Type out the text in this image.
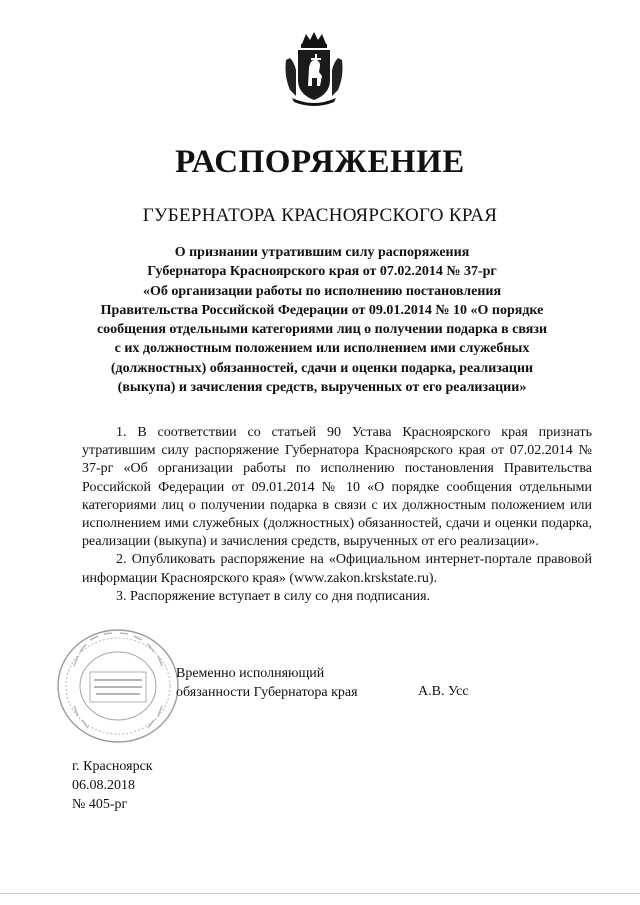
РАСПОРЯЖЕНИЕ
ГУБЕРНАТОРА КРАСНОЯРСКОГО КРАЯ
О признании утратившим силу распоряжения
Губернатора Красноярского края от 07.02.2014 № 37-рг
«Об организации работы по исполнению постановления
Правительства Российской Федерации от 09.01.2014 № 10 «О порядке
сообщения отдельными категориями лиц о получении подарка в связи
с их должностным положением или исполнением ими служебных
(должностных) обязанностей, сдачи и оценки подарка, реализации
(выкупа) и зачисления средств, вырученных от его реализации»

1. В соответствии со статьей 90 Устава Красноярского края признать утратившим силу распоряжение Губернатора Красноярского края от 07.02.2014 № 37-рг «Об организации работы по исполнению постановления Правительства Российской Федерации от 09.01.2014 № 10 «О порядке сообщения отдельными категориями лиц о получении подарка в связи с их должностным положением или исполнением ими служебных (должностных) обязанностей, сдачи и оценки подарка, реализации (выкупа) и зачисления средств, вырученных от его реализации».

2. Опубликовать распоряжение на «Официальном интернет-портале правовой информации Красноярского края» (www.zakon.krskstate.ru).

3. Распоряжение вступает в силу со дня подписания.

Временно исполняющий
обязанности Губернатора края	А.В. Усс
г. Красноярск
06.08.2018
№ 405-рг
